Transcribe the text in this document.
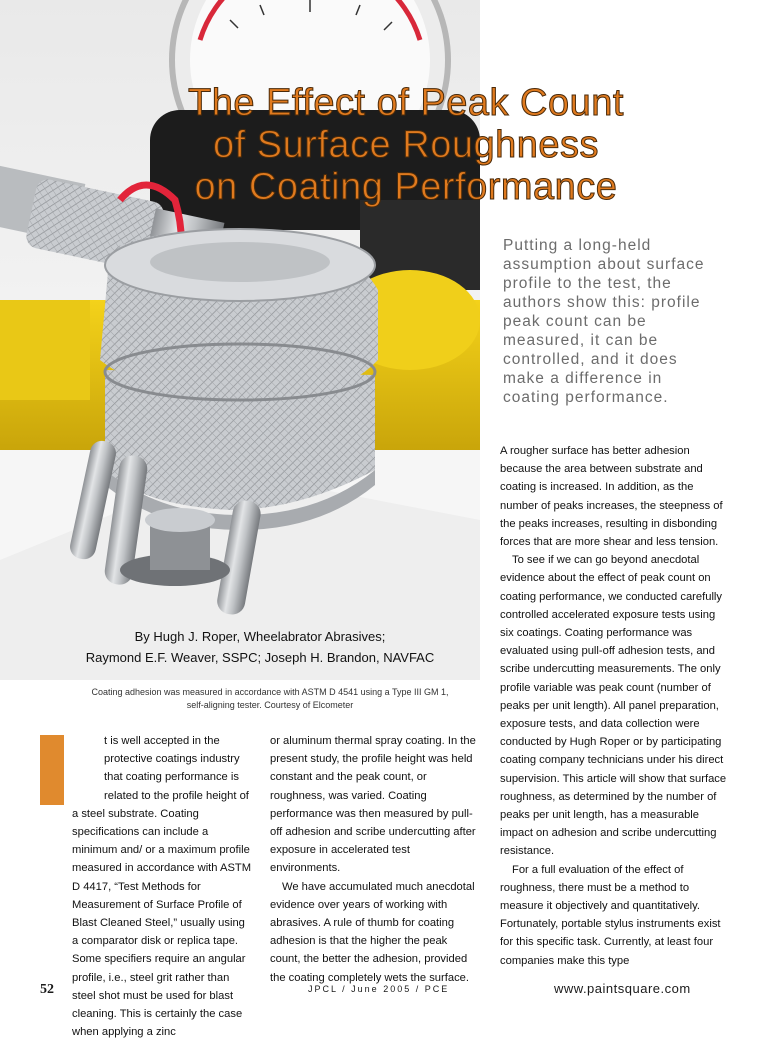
The Effect of Peak Count
of Surface Roughness
on Coating Performance
Putting a long-held assumption about surface profile to the test, the authors show this: profile peak count can be measured, it can be controlled, and it does make a difference in coating performance.
By Hugh J. Roper, Wheelabrator Abrasives;
Raymond E.F. Weaver, SSPC; Joseph H. Brandon, NAVFAC
Coating adhesion was measured in accordance with ASTM D 4541 using a Type III GM 1,
self-aligning tester. Courtesy of Elcometer

t is well accepted in the protective coatings industry that coating performance is related to the profile height of a steel substrate. Coating specifications can include a minimum and/ or a maximum profile measured in accordance with ASTM D 4417, “Test Methods for Measurement of Surface Profile of Blast Cleaned Steel,” usually using a comparator disk or replica tape. Some specifiers require an angular profile, i.e., steel grit rather than steel shot must be used for blast cleaning. This is certainly the case when applying a zinc

or aluminum thermal spray coating. In the present study, the profile height was held constant and the peak count, or roughness, was varied. Coating performance was then measured by pull-off adhesion and scribe undercutting after exposure in accelerated test environments.

We have accumulated much anecdotal evidence over years of working with abrasives. A rule of thumb for coating adhesion is that the higher the peak count, the better the adhesion, provided the coating completely wets the surface.

A rougher surface has better adhesion because the area between substrate and coating is increased. In addition, as the number of peaks increases, the steepness of the peaks increases, resulting in disbonding forces that are more shear and less tension.

To see if we can go beyond anecdotal evidence about the effect of peak count on coating performance, we conducted carefully controlled accelerated exposure tests using six coatings. Coating performance was evaluated using pull-off adhesion tests, and scribe undercutting measurements. The only profile variable was peak count (number of peaks per unit length). All panel preparation, exposure tests, and data collection were conducted by Hugh Roper or by participating coating company technicians under his direct supervision. This article will show that surface roughness, as determined by the number of peaks per unit length, has a measurable impact on adhesion and scribe undercutting resistance.

For a full evaluation of the effect of roughness, there must be a method to measure it objectively and quantitatively. Fortunately, portable stylus instruments exist for this specific task. Currently, at least four companies make this type

52	JPCL / June 2005 / PCE	www.paintsquare.com
